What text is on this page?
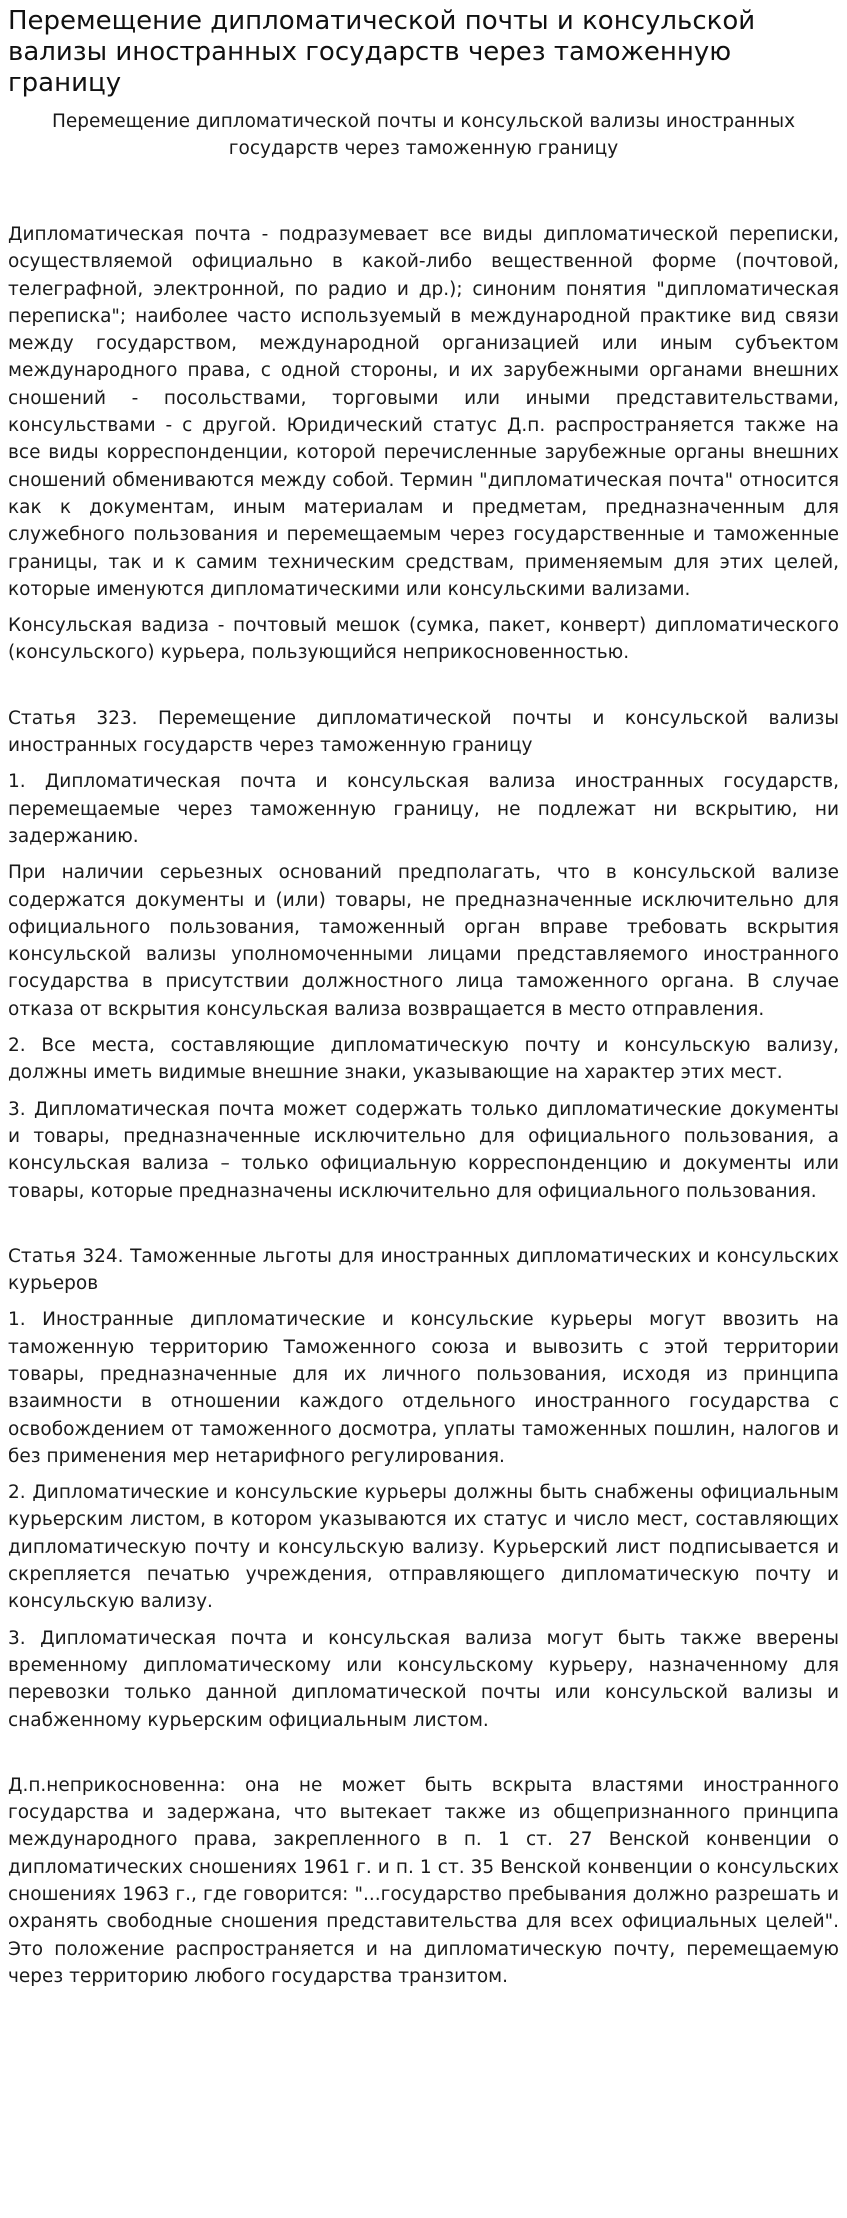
Перемещение дипломатической почты и консульской вализы иностранных государств через таможенную границу

Перемещение дипломатической почты и консульской вализы иностранных государств через таможенную границу

Дипломатическая почта - подразумевает все виды дипломатической переписки, осуществляемой официально в какой-либо вещественной форме (почтовой, телеграфной, электронной, по радио и др.); синоним понятия "дипломатическая переписка"; наиболее часто используемый в международной практике вид связи между государством, международной организацией или иным субъектом международного права, с одной стороны, и их зарубежными органами внешних сношений - посольствами, торговыми или иными представительствами, консульствами - с другой. Юридический статус Д.п. распространяется также на все виды корреспонденции, которой перечисленные зарубежные органы внешних сношений обмениваются между собой. Термин "дипломатическая почта" относится как к документам, иным материалам и предметам, предназначенным для служебного пользования и перемещаемым через государственные и таможенные границы, так и к самим техническим средствам, применяемым для этих целей, которые именуются дипломатическими или консульскими вализами.

Консульская вадиза - почтовый мешок (сумка, пакет, конверт) дипломатического (консульского) курьера, пользующийся неприкосновенностью.

Статья 323. Перемещение дипломатической почты и консульской вализы иностранных государств через таможенную границу

1. Дипломатическая почта и консульская вализа иностранных государств, перемещаемые через таможенную границу, не подлежат ни вскрытию, ни задержанию.

При наличии серьезных оснований предполагать, что в консульской вализе содержатся документы и (или) товары, не предназначенные исключительно для официального пользования, таможенный орган вправе требовать вскрытия консульской вализы уполномоченными лицами представляемого иностранного государства в присутствии должностного лица таможенного органа. В случае отказа от вскрытия консульская вализа возвращается в место отправления.

2. Все места, составляющие дипломатическую почту и консульскую вализу, должны иметь видимые внешние знаки, указывающие на характер этих мест.

3. Дипломатическая почта может содержать только дипломатические документы и товары, предназначенные исключительно для официального пользования, а консульская вализа – только официальную корреспонденцию и документы или товары, которые предназначены исключительно для официального пользования.

Статья 324. Таможенные льготы для иностранных дипломатических и консульских курьеров

1. Иностранные дипломатические и консульские курьеры могут ввозить на таможенную территорию Таможенного союза и вывозить с этой территории товары, предназначенные для их личного пользования, исходя из принципа взаимности в отношении каждого отдельного иностранного государства с освобождением от таможенного досмотра, уплаты таможенных пошлин, налогов и без применения мер нетарифного регулирования.

2. Дипломатические и консульские курьеры должны быть снабжены официальным курьерским листом, в котором указываются их статус и число мест, составляющих дипломатическую почту и консульскую вализу. Курьерский лист подписывается и скрепляется печатью учреждения, отправляющего дипломатическую почту и консульскую вализу.

3. Дипломатическая почта и консульская вализа могут быть также вверены временному дипломатическому или консульскому курьеру, назначенному для перевозки только данной дипломатической почты или консульской вализы и снабженному курьерским официальным листом.

Д.п.неприкосновенна: она не может быть вскрыта властями иностранного государства и задержана, что вытекает также из общепризнанного принципа международного права, закрепленного в п. 1 ст. 27 Венской конвенции о дипломатических сношениях 1961 г. и п. 1 ст. 35 Венской конвенции о консульских сношениях 1963 г., где говорится: "...государство пребывания должно разрешать и охранять свободные сношения представительства для всех официальных целей". Это положение распространяется и на дипломатическую почту, перемещаемую через территорию любого государства транзитом.
